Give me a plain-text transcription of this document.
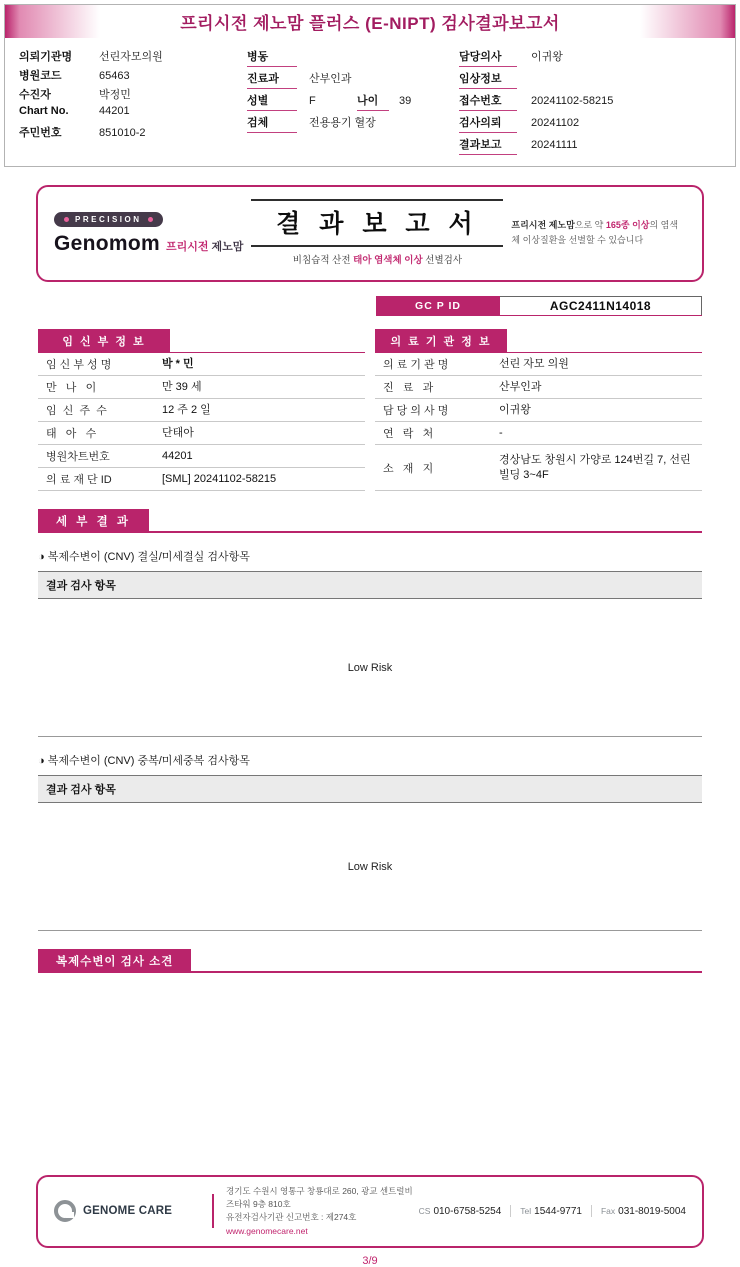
프리시전 제노맘 플러스 (E-NIPT) 검사결과보고서
의뢰기관명	선린자모의원
병원코드	65463
수진자	박정민
Chart No.	44201
주민번호	851010-2
병동
진료과	산부인과
성별	F	나이	39
검체	전용용기 혈장
담당의사	이귀왕
임상정보
접수번호	20241102-58215
검사의뢰	20241102
결과보고	20241111
PRECISION
Genomom 프리시전 제노맘
결 과 보 고 서
비침습적 산전 태아 염색체 이상 선별검사
프리시전 제노맘으로 약 165종 이상의 염색체 이상질환을 선별할 수 있습니다
GC P ID	AGC2411N14018
임 신 부 정 보
임 신 부 성 명	박 * 민
만   나   이	만 39 세
임  신  주  수	12 주 2 일
태   아   수	단태아
병원차트번호	44201
의 료 재 단 ID	[SML] 20241102-58215
의 료 기 관 정 보
의 료 기 관 명	선린 자모 의원
진   료   과	산부인과
담 당 의 사 명	이귀왕
연   락   처	-
소   재   지
경상남도 창원시 가양로 124번길 7, 선린 빌딩 3~4F
세 부 결 과
◑ 복제수변이 (CNV) 결실/미세결실 검사항목
결과 검사 항목
Low Risk
◑ 복제수변이 (CNV) 중복/미세중복 검사항목
결과 검사 항목
Low Risk
복제수변이 검사 소견
GENOME CARE
경기도 수원시 영통구 창룡대로 260, 광교 센트럴비즈타워 9층 810호
유전자검사기관 신고번호 : 제274호
www.genomecare.net
CS 010-6758-5254 Tel 1544-9771 Fax 031-8019-5004
3/9
